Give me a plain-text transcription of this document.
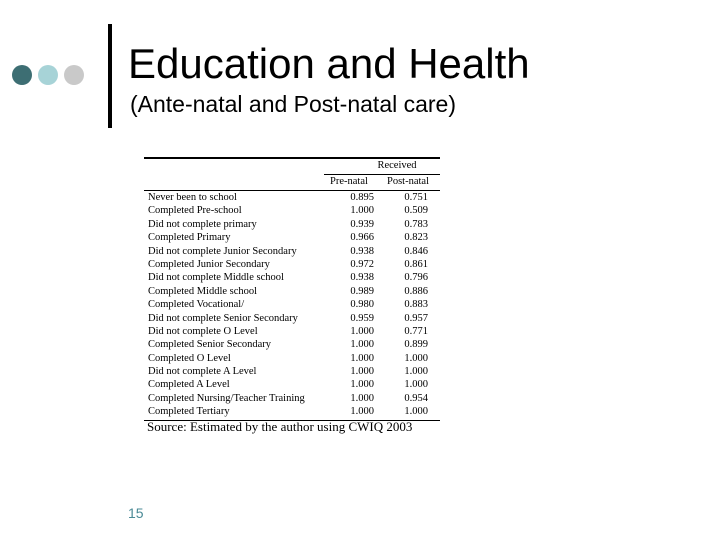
Education and Health
(Ante-natal and Post-natal care)
Received
Pre-natal Post-natal
Never been to school	0.895	0.751
Completed Pre-school	1.000	0.509
Did not complete primary	0.939	0.783
Completed Primary	0.966	0.823
Did not complete Junior Secondary	0.938	0.846
Completed Junior Secondary	0.972	0.861
Did not complete Middle school	0.938	0.796
Completed Middle school	0.989	0.886
Completed Vocational/	0.980	0.883
Did not complete Senior Secondary	0.959	0.957
Did not complete O Level	1.000	0.771
Completed Senior Secondary	1.000	0.899
Completed O Level	1.000	1.000
Did not complete A Level	1.000	1.000
Completed A Level	1.000	1.000
Completed Nursing/Teacher Training	1.000	0.954
Completed Tertiary	1.000	1.000
Source: Estimated by the author using CWIQ 2003
15
